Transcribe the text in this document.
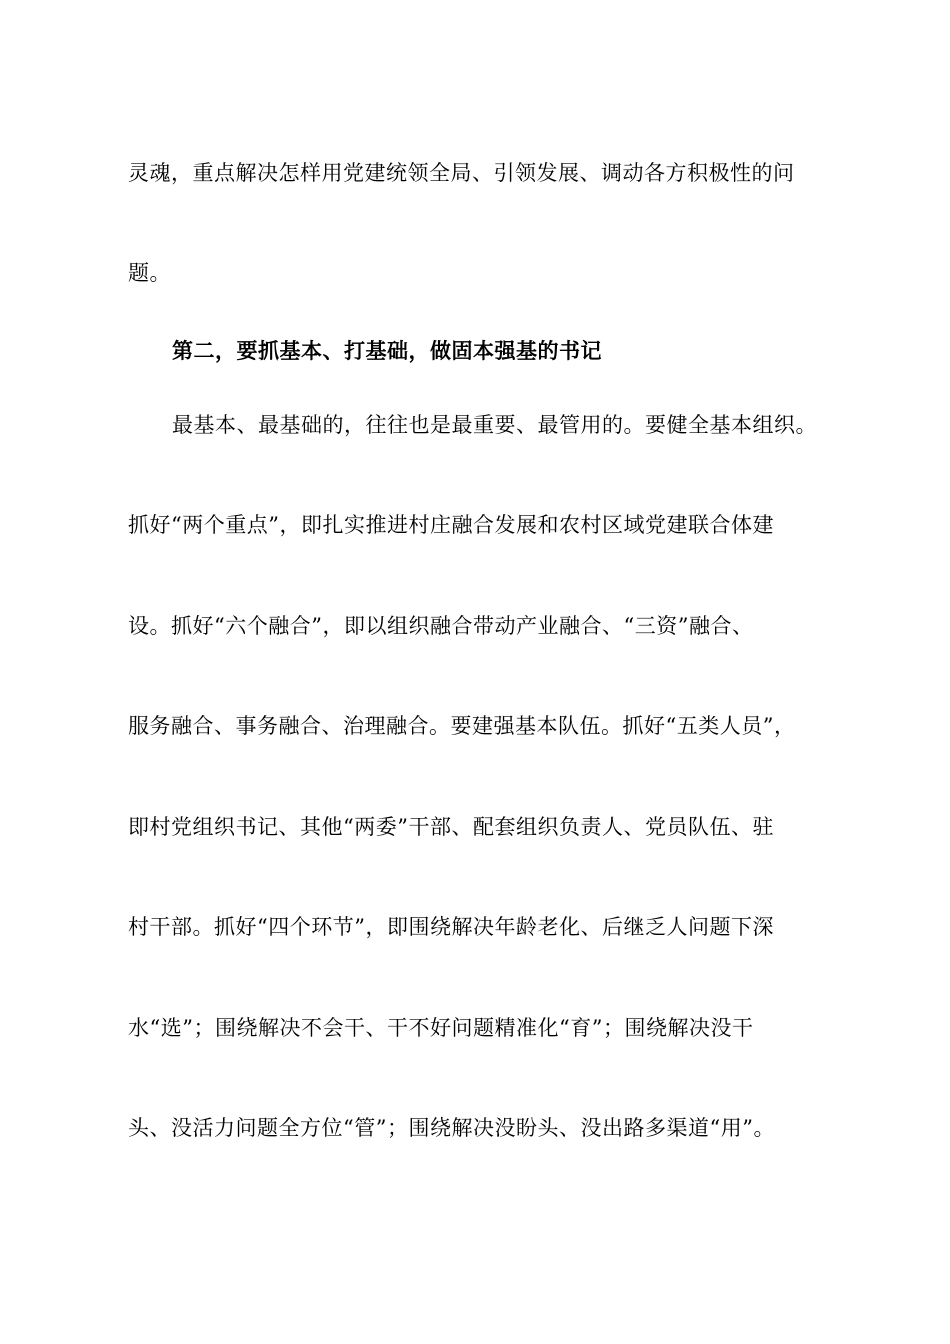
灵魂，重点解决怎样用党建统领全局、引领发展、调动各方积极性的问
题。
第二，要抓基本、打基础，做固本强基的书记
最基本、最基础的，往往也是最重要、最管用的。要健全基本组织。
抓好“两个重点”，即扎实推进村庄融合发展和农村区域党建联合体建
设。抓好“六个融合”，即以组织融合带动产业融合、“三资”融合、
服务融合、事务融合、治理融合。要建强基本队伍。抓好“五类人员”，
即村党组织书记、其他“两委”干部、配套组织负责人、党员队伍、驻
村干部。抓好“四个环节”，即围绕解决年龄老化、后继乏人问题下深
水“选”；围绕解决不会干、干不好问题精准化“育”；围绕解决没干
头、没活力问题全方位“管”；围绕解决没盼头、没出路多渠道“用”。
